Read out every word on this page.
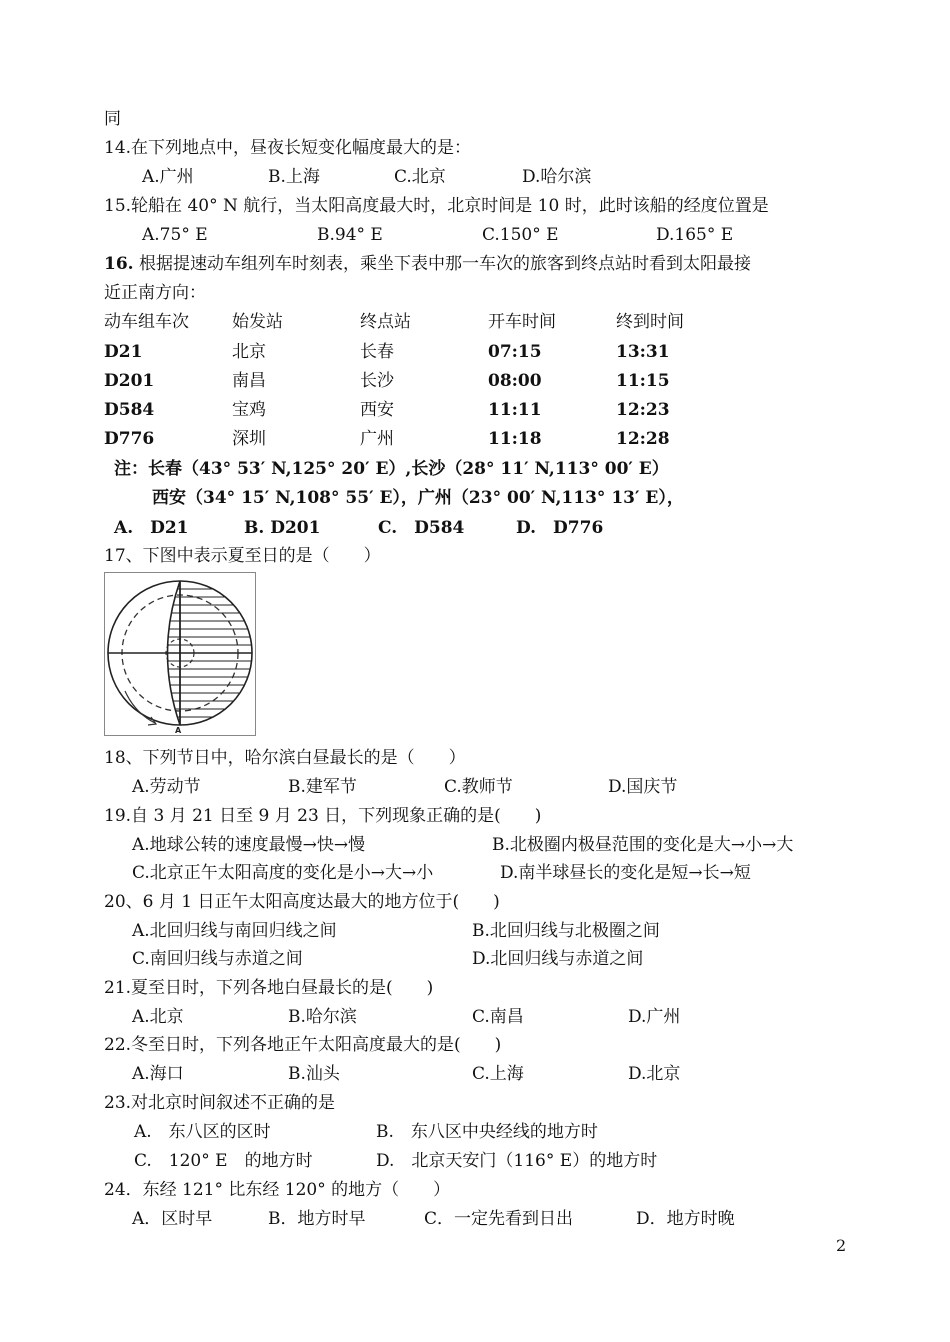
同
14.在下列地点中，昼夜长短变化幅度最大的是：
A.广州	B.上海	C.北京	D.哈尔滨
15.轮船在 40° N 航行，当太阳高度最大时，北京时间是 10 时，此时该船的经度位置是
A.75° E	B.94° E	C.150° E	D.165° E
16. 根据提速动车组列车时刻表，乘坐下表中那一车次的旅客到终点站时看到太阳最接
近正南方向：
动车组车次	始发站	终点站	开车时间	终到时间
D21	北京	长春	07:15	13:31
D201	南昌	长沙	08:00	11:15
D584	宝鸡	西安	11:11	12:23
D776	深圳	广州	11:18	12:28
注：长春（43° 53′ N,125° 20′ E）,长沙（28° 11′ N,113° 00′ E）
西安（34° 15′ N,108° 55′ E），广州（23° 00′ N,113° 13′ E），
A.　D21	B. D201	C.　D584	D.　D776
17、下图中表示夏至日的是（　　）
A
18、下列节日中，哈尔滨白昼最长的是（　　）
A.劳动节	B.建军节	C.教师节	D.国庆节
19.自 3 月 21 日至 9 月 23 日，下列现象正确的是(　　)
A.地球公转的速度最慢→快→慢	B.北极圈内极昼范围的变化是大→小→大
C.北京正午太阳高度的变化是小→大→小	D.南半球昼长的变化是短→长→短
20、6 月 1 日正午太阳高度达最大的地方位于(　　)
A.北回归线与南回归线之间	B.北回归线与北极圈之间
C.南回归线与赤道之间	D.北回归线与赤道之间
21.夏至日时，下列各地白昼最长的是(　　)
A.北京	B.哈尔滨	C.南昌	D.广州
22.冬至日时，下列各地正午太阳高度最大的是(　　)
A.海口	B.汕头	C.上海	D.北京
23.对北京时间叙述不正确的是
A.　东八区的区时	B.　东八区中央经线的地方时
C.　120° E　的地方时	D.　北京天安门（116° E）的地方时
24．东经 121° 比东经 120° 的地方（　　）
A．区时早	B．地方时早	C．一定先看到日出	D．地方时晚
2
